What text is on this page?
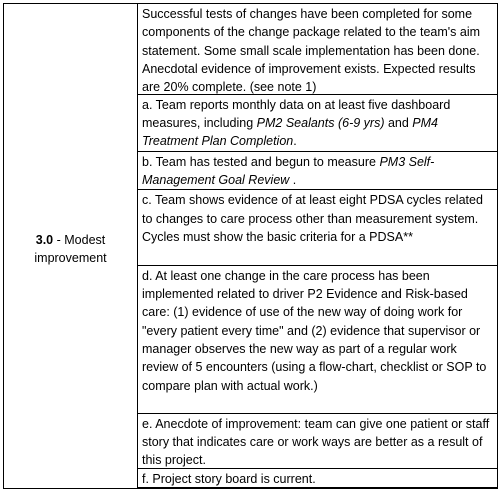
3.0 - Modest
improvement
Successful tests of changes have been completed for some components of the change package related to the team's aim statement. Some small scale implementation has been done. Anecdotal evidence of improvement exists. Expected results are 20% complete. (see note 1)
a. Team reports monthly data on at least five dashboard measures, including PM2 Sealants (6-9 yrs) and PM4 Treatment Plan Completion.
b. Team has tested and begun to measure PM3 Self-Management Goal Review .
c. Team shows evidence of at least eight PDSA cycles related to changes to care process other than measurement system. Cycles must show the basic criteria for a PDSA**
d. At least one change in the care process has been implemented related to driver P2 Evidence and Risk-based care: (1) evidence of use of the new way of doing work for "every patient every time" and (2) evidence that supervisor or manager observes the new way as part of a regular work review of 5 encounters (using a flow-chart, checklist or SOP to compare plan with actual work.)
e. Anecdote of improvement: team can give one patient or staff story that indicates care or work ways are better as a result of this project.
f. Project story board is current.
